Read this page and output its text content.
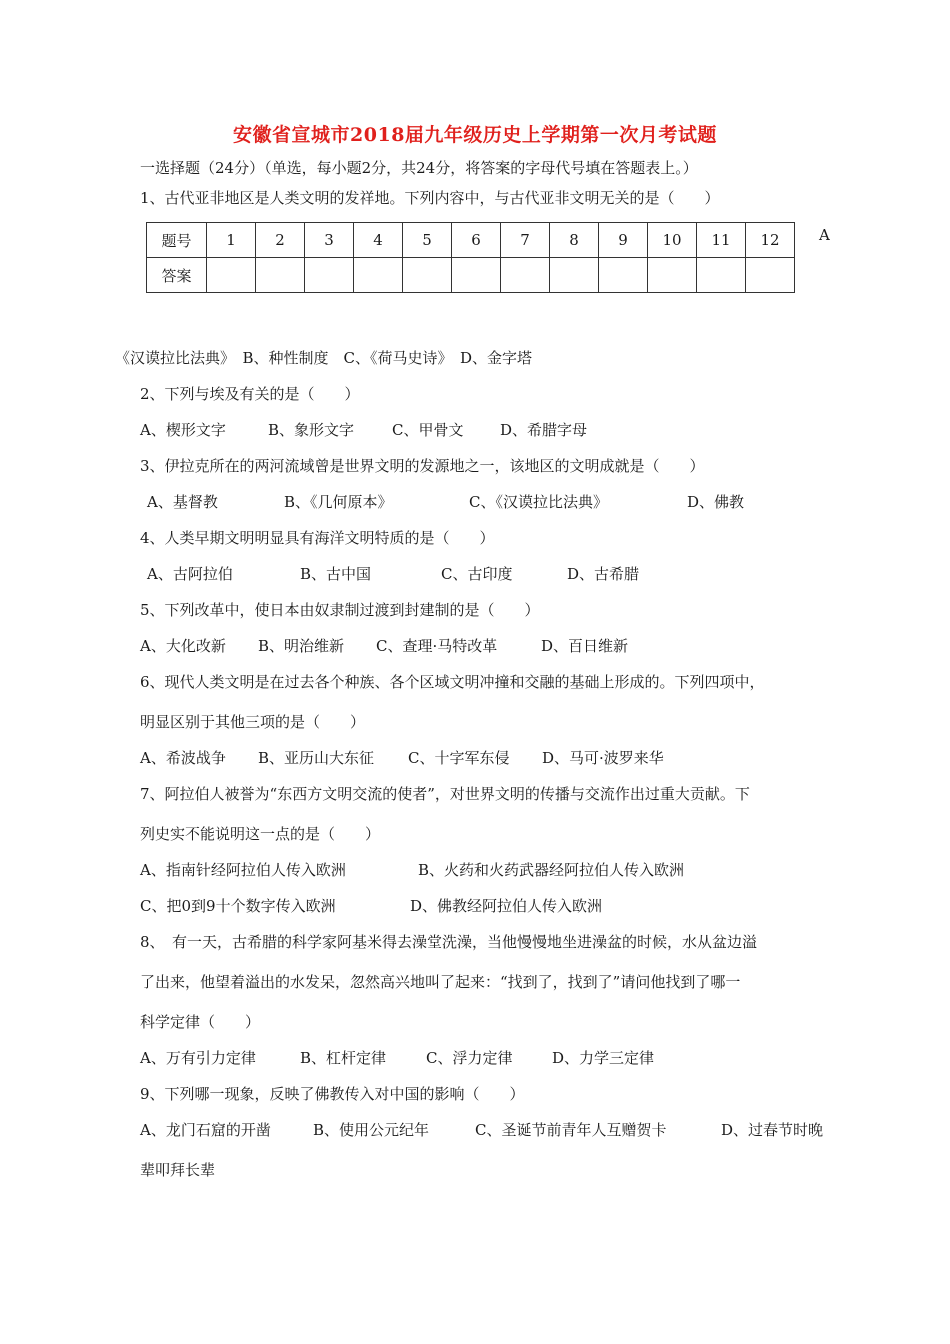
安徽省宣城市2018届九年级历史上学期第一次月考试题
一选择题（24分）（单选，每小题2分，共24分，将答案的字母代号填在答题表上。）
1、古代亚非地区是人类文明的发祥地。下列内容中，与古代亚非文明无关的是（　　）
题号	1	2	3	4	5	6	7	8	9	10	11	12
答案												
A
《汉谟拉比法典》　B、种性制度　C、《荷马史诗》　D、金字塔
2、下列与埃及有关的是（　　）
A、楔形文字	B、象形文字	C、甲骨文 D、希腊字母
3、伊拉克所在的两河流域曾是世界文明的发源地之一，该地区的文明成就是（　　）
A、基督教	B、《几何原本》	C、《汉谟拉比法典》	D、佛教
4、人类早期文明明显具有海洋文明特质的是（　　）
A、古阿拉伯	B、古中国	C、古印度	D、古希腊
5、下列改革中，使日本由奴隶制过渡到封建制的是（　　）
A、大化改新 B、明治维新 C、查理·马特改革	D、百日维新
6、现代人类文明是在过去各个种族、各个区域文明冲撞和交融的基础上形成的。下列四项中，
明显区别于其他三项的是（　　）
A、希波战争 B、亚历山大东征 C、十字军东侵 D、马可·波罗来华
7、阿拉伯人被誉为“东西方文明交流的使者”，对世界文明的传播与交流作出过重大贡献。下
列史实不能说明这一点的是（　　）
A、指南针经阿拉伯人传入欧洲	B、火药和火药武器经阿拉伯人传入欧洲
C、把0到9十个数字传入欧洲	D、佛教经阿拉伯人传入欧洲
8、　有一天，古希腊的科学家阿基米得去澡堂洗澡，当他慢慢地坐进澡盆的时候，水从盆边溢
了出来，他望着溢出的水发呆，忽然高兴地叫了起来：“找到了，找到了”请问他找到了哪一
科学定律（　　）
A、万有引力定律	B、杠杆定律	C、浮力定律	D、力学三定律
9、下列哪一现象，反映了佛教传入对中国的影响（　　）
A、龙门石窟的开凿	B、使用公元纪年	C、圣诞节前青年人互赠贺卡	D、过春节时晚
辈叩拜长辈
